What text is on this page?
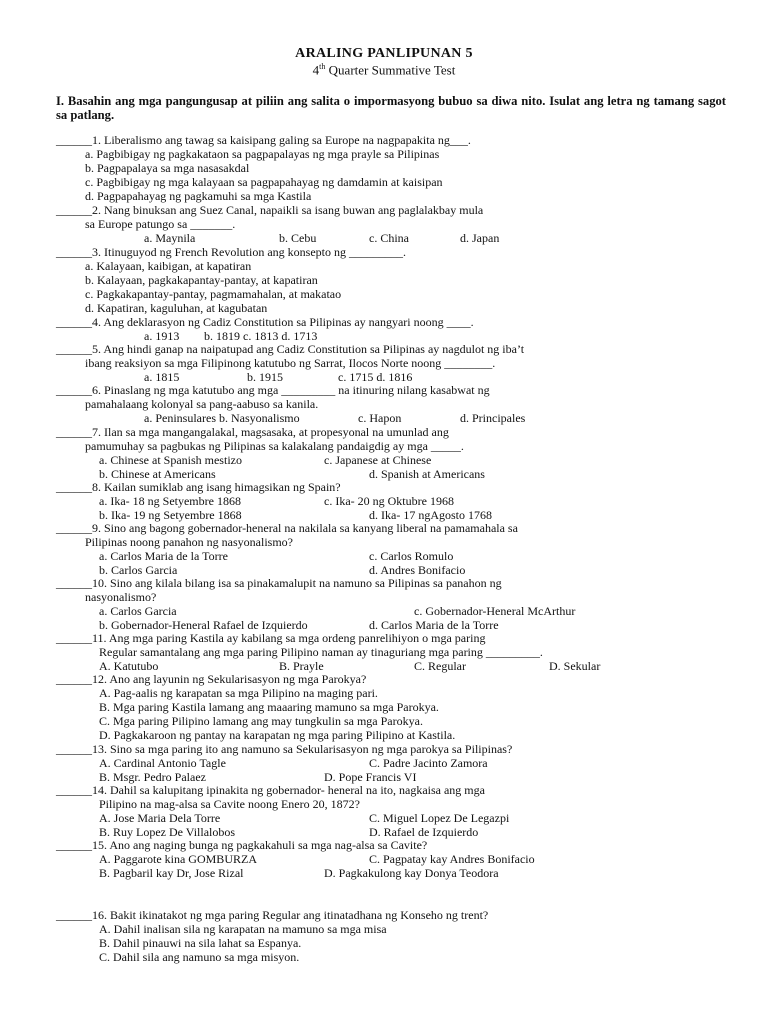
ARALING PANLIPUNAN 5
4th Quarter Summative Test
I. Basahin ang mga pangungusap at piliin ang salita o impormasyong bubuo sa diwa nito. Isulat ang letra ng tamang sagot sa patlang.
______1. Liberalismo ang tawag sa kaisipang galing sa Europe na nagpapakita ng___.
a. Pagbibigay ng pagkakataon sa pagpapalayas ng mga prayle sa Pilipinas
b. Pagpapalaya sa mga nasasakdal
c. Pagbibigay ng mga kalayaan sa pagpapahayag ng damdamin at kaisipan
d. Pagpapahayag ng pagkamuhi sa mga Kastila
______2. Nang binuksan ang Suez Canal, napaikli sa isang buwan ang paglalakbay mula
sa Europe patungo sa _______.
a. Maynila	b. Cebu	c. China	d. Japan
______3. Itinuguyod ng French Revolution ang konsepto ng _________.
a. Kalayaan, kaibigan, at kapatiran
b. Kalayaan, pagkakapantay-pantay, at kapatiran
c. Pagkakapantay-pantay, pagmamahalan, at makatao
d. Kapatiran, kaguluhan, at kagubatan
______4. Ang deklarasyon ng Cadiz Constitution sa Pilipinas ay nangyari noong ____.
a. 1913 b. 1819 c. 1813 d. 1713
______5. Ang hindi ganap na naipatupad ang Cadiz Constitution sa Pilipinas ay nagdulot ng iba’t
ibang reaksiyon sa mga Filipinong katutubo ng Sarrat, Ilocos Norte noong ________.
a. 1815	b. 1915	c. 1715 d. 1816
______6. Pinaslang ng mga katutubo ang mga _________ na itinuring nilang kasabwat ng
pamahalaang kolonyal sa pang-aabuso sa kanila.
a. Peninsulares b. Nasyonalismo	c. Hapon	d. Principales
______7. Ilan sa mga mangangalakal, magsasaka, at propesyonal na umunlad ang
pamumuhay sa pagbukas ng Pilipinas sa kalakalang pandaigdig ay mga _____.
a. Chinese at Spanish mestizo	c. Japanese at Chinese
b. Chinese at Americans	d. Spanish at Americans
______8. Kailan sumiklab ang isang himagsikan ng Spain?
a. Ika- 18 ng Setyembre 1868	c. Ika- 20 ng Oktubre 1968
b. Ika- 19 ng Setyembre 1868	d. Ika- 17 ngAgosto 1768
______9. Sino ang bagong gobernador-heneral na nakilala sa kanyang liberal na pamamahala sa
Pilipinas noong panahon ng nasyonalismo?
a. Carlos Maria de la Torre	c. Carlos Romulo
b. Carlos Garcia	d. Andres Bonifacio
______10. Sino ang kilala bilang isa sa pinakamalupit na namuno sa Pilipinas sa panahon ng
nasyonalismo?
a. Carlos Garcia	c. Gobernador-Heneral McArthur
b. Gobernador-Heneral Rafael de Izquierdo	d. Carlos Maria de la Torre
______11. Ang mga paring Kastila ay kabilang sa mga ordeng panrelihiyon o mga paring
Regular samantalang ang mga paring Pilipino naman ay tinaguriang mga paring _________.
A. Katutubo	B. Prayle	C. Regular	D. Sekular
______12. Ano ang layunin ng Sekularisasyon ng mga Parokya?
A. Pag-aalis ng karapatan sa mga Pilipino na maging pari.
B. Mga paring Kastila lamang ang maaaring mamuno sa mga Parokya.
C. Mga paring Pilipino lamang ang may tungkulin sa mga Parokya.
D. Pagkakaroon ng pantay na karapatan ng mga paring Pilipino at Kastila.
______13. Sino sa mga paring ito ang namuno sa Sekularisasyon ng mga parokya sa Pilipinas?
A. Cardinal Antonio Tagle	C. Padre Jacinto Zamora
B. Msgr. Pedro Palaez	D. Pope Francis VI
______14. Dahil sa kalupitang ipinakita ng gobernador- heneral na ito, nagkaisa ang mga
Pilipino na mag-alsa sa Cavite noong Enero 20, 1872?
A. Jose Maria Dela Torre	C. Miguel Lopez De Legazpi
B. Ruy Lopez De Villalobos	D. Rafael de Izquierdo
______15. Ano ang naging bunga ng pagkakahuli sa mga nag-alsa sa Cavite?
A. Paggarote kina GOMBURZA	C. Pagpatay kay Andres Bonifacio
B. Pagbaril kay Dr, Jose Rizal	D. Pagkakulong kay Donya Teodora
______16. Bakit ikinatakot ng mga paring Regular ang itinatadhana ng Konseho ng trent?
A. Dahil inalisan sila ng karapatan na mamuno sa mga misa
B. Dahil pinauwi na sila lahat sa Espanya.
C. Dahil sila ang namuno sa mga misyon.
